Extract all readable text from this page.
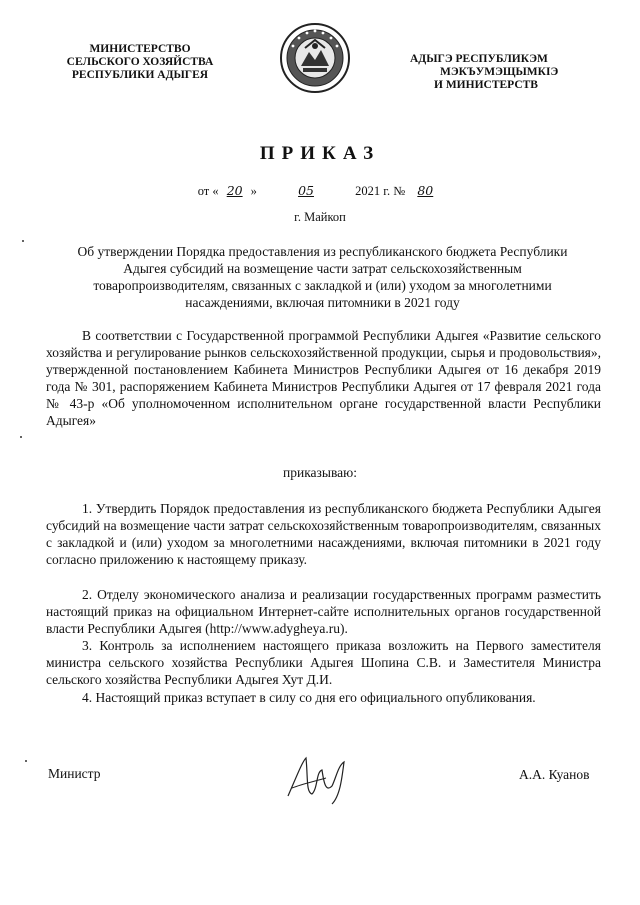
МИНИСТЕРСТВО
СЕЛЬСКОГО ХОЗЯЙСТВА
РЕСПУБЛИКИ АДЫГЕЯ
АДЫГЭ РЕСПУБЛИКЭМ
МЭКЪУМЭЩЫМКIЭ
И МИНИСТЕРСТВ
ПРИКАЗ
от « 20 »	05	2021 г. № 80
г. Майкоп
Об утверждении Порядка предоставления из республиканского бюджета Республики Адыгея субсидий на возмещение части затрат сельскохозяйственным товаропроизводителям, связанных с закладкой и (или) уходом за многолетними насаждениями, включая питомники в 2021 году
В соответствии с Государственной программой Республики Адыгея «Развитие сельского хозяйства и регулирование рынков сельскохозяйственной продукции, сырья и продовольствия», утвержденной постановлением Кабинета Министров Республики Адыгея от 16 декабря 2019 года № 301, распоряжением Кабинета Министров Республики Адыгея от 17 февраля 2021 года № 43-р «Об уполномоченном исполнительном органе государственной власти Республики Адыгея»
приказываю:
1. Утвердить Порядок предоставления из республиканского бюджета Республики Адыгея субсидий на возмещение части затрат сельскохозяйственным товаропроизводителям, связанных с закладкой и (или) уходом за многолетними насаждениями, включая питомники в 2021 году согласно приложению к настоящему приказу.
2. Отделу экономического анализа и реализации государственных программ разместить настоящий приказ на официальном Интернет-сайте исполнительных органов государственной власти Республики Адыгея (http://www.adygheya.ru).
3. Контроль за исполнением настоящего приказа возложить на Первого заместителя министра сельского хозяйства Республики Адыгея Шопина С.В. и Заместителя Министра сельского хозяйства Республики Адыгея Хут Д.И.
4. Настоящий приказ вступает в силу со дня его официального опубликования.
Министр	А.А. Куанов
